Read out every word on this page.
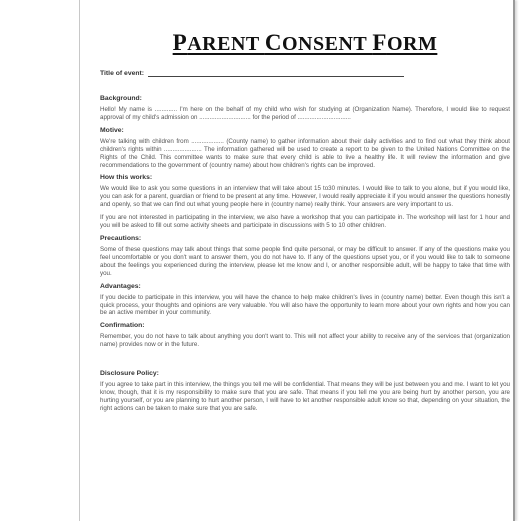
PARENT CONSENT FORM
Title of event:
Background:

Hello! My name is ............. I'm here on the behalf of my child who wish for studying at (Organization Name). Therefore, I would like to request approval of my child's admission on .............................. for the period of ...............................

Motive:

We're talking with children from ................... (County name) to gather information about their daily activities and to find out what they think about children's rights within ...................... The information gathered will be used to create a report to be given to the United Nations Committee on the Rights of the Child. This committee wants to make sure that every child is able to live a healthy life. It will review the information and give recommendations to the government of (country name) about how children's rights can be improved.

How this works:

We would like to ask you some questions in an interview that will take about 15 to30 minutes. I would like to talk to you alone, but if you would like, you can ask for a parent, guardian or friend to be present at any time. However, I would really appreciate it if you would answer the questions honestly and openly, so that we can find out what young people here in (country name) really think. Your answers are very important to us.

If you are not interested in participating in the interview, we also have a workshop that you can participate in. The workshop will last for 1 hour and you will be asked to fill out some activity sheets and participate in discussions with 5 to 10 other children.

Precautions:

Some of these questions may talk about things that some people find quite personal, or may be difficult to answer. If any of the questions make you feel uncomfortable or you don't want to answer them, you do not have to. If any of the questions upset you, or if you would like to talk to someone about the feelings you experienced during the interview, please let me know and I, or another responsible adult, will be happy to take that time with you.

Advantages:

If you decide to participate in this interview, you will have the chance to help make children's lives in (country name) better. Even though this isn't a quick process, your thoughts and opinions are very valuable. You will also have the opportunity to learn more about your own rights and how you can be an active member in your community.

Confirmation:

Remember, you do not have to talk about anything you don't want to. This will not affect your ability to receive any of the services that (organization name) provides now or in the future.

Disclosure Policy:

If you agree to take part in this interview, the things you tell me will be confidential. That means they will be just between you and me. I want to let you know, though, that it is my responsibility to make sure that you are safe. That means if you tell me you are being hurt by another person, you are hurting yourself, or you are planning to hurt another person, I will have to let another responsible adult know so that, depending on your situation, the right actions can be taken to make sure that you are safe.
